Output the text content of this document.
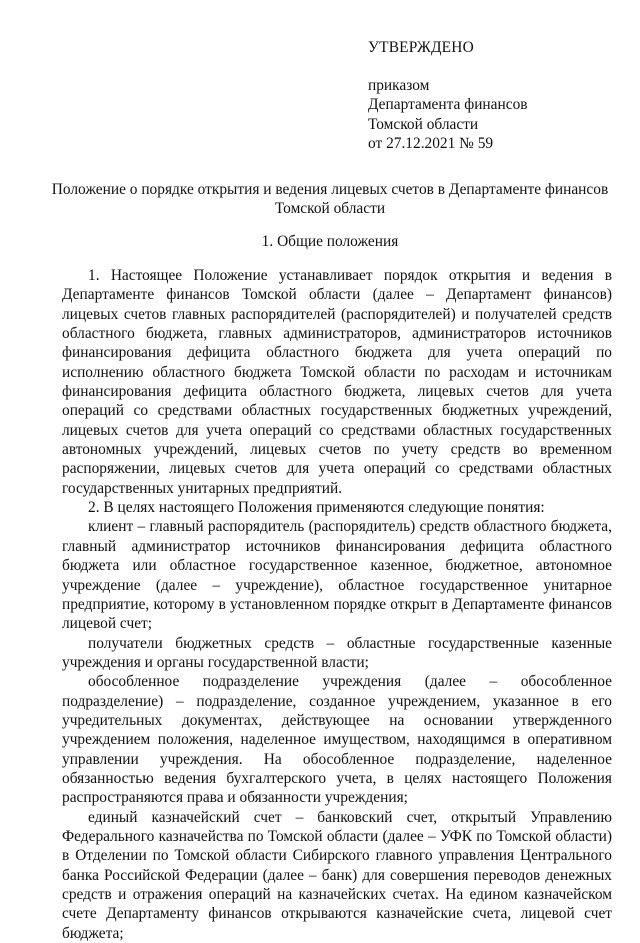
УТВЕРЖДЕНО
приказом
Департамента финансов
Томской области
от 27.12.2021 № 59
Положение о порядке открытия и ведения лицевых счетов в Департаменте финансов Томской области
1. Общие положения

1. Настоящее Положение устанавливает порядок открытия и ведения в Департаменте финансов Томской области (далее – Департамент финансов) лицевых счетов главных распорядителей (распорядителей) и получателей средств областного бюджета, главных администраторов, администраторов источников финансирования дефицита областного бюджета для учета операций по исполнению областного бюджета Томской области по расходам и источникам финансирования дефицита областного бюджета, лицевых счетов для учета операций со средствами областных государственных бюджетных учреждений, лицевых счетов для учета операций со средствами областных государственных автономных учреждений, лицевых счетов по учету средств во временном распоряжении, лицевых счетов для учета операций со средствами областных государственных унитарных предприятий.

2. В целях настоящего Положения применяются следующие понятия:

клиент – главный распорядитель (распорядитель) средств областного бюджета, главный администратор источников финансирования дефицита областного бюджета или областное государственное казенное, бюджетное, автономное учреждение (далее – учреждение), областное государственное унитарное предприятие, которому в установленном порядке открыт в Департаменте финансов лицевой счет;

получатели бюджетных средств – областные государственные казенные учреждения и органы государственной власти;

обособленное подразделение учреждения (далее – обособленное подразделение) – подразделение, созданное учреждением, указанное в его учредительных документах, действующее на основании утвержденного учреждением положения, наделенное имуществом, находящимся в оперативном управлении учреждения. На обособленное подразделение, наделенное обязанностью ведения бухгалтерского учета, в целях настоящего Положения распространяются права и обязанности учреждения;

единый казначейский счет – банковский счет, открытый Управлению Федерального казначейства по Томской области (далее – УФК по Томской области) в Отделении по Томской области Сибирского главного управления Центрального банка Российской Федерации (далее – банк) для совершения переводов денежных средств и отражения операций на казначейских счетах. На едином казначейском счете Департаменту финансов открываются казначейские счета, лицевой счет бюджета;
